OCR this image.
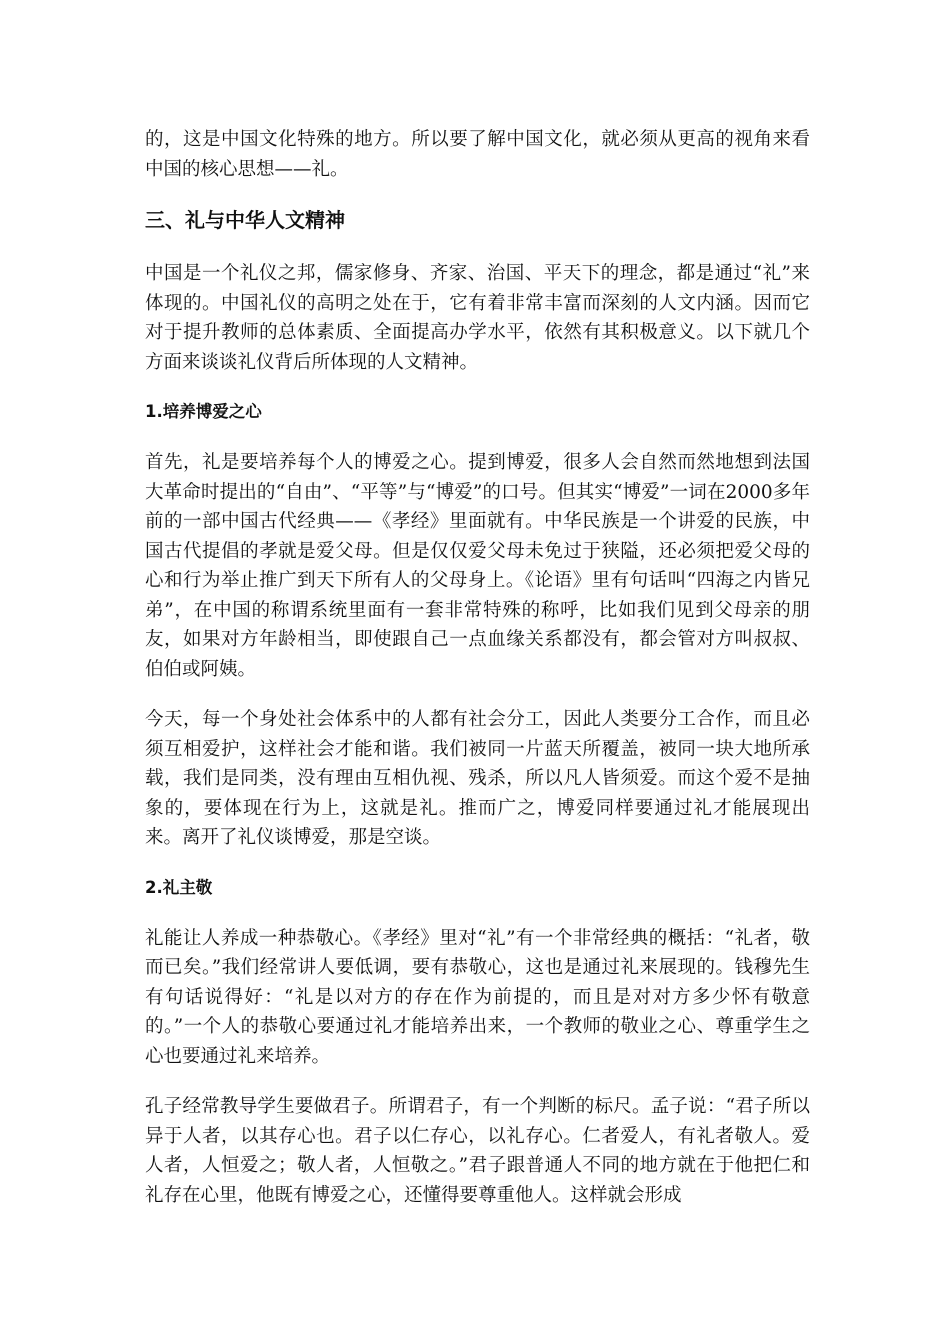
的，这是中国文化特殊的地方。所以要了解中国文化，就必须从更高的视角来看中国的核心思想——礼。

三、礼与中华人文精神

中国是一个礼仪之邦，儒家修身、齐家、治国、平天下的理念，都是通过“礼”来体现的。中国礼仪的高明之处在于，它有着非常丰富而深刻的人文内涵。因而它对于提升教师的总体素质、全面提高办学水平，依然有其积极意义。以下就几个方面来谈谈礼仪背后所体现的人文精神。

1.培养博爱之心

首先，礼是要培养每个人的博爱之心。提到博爱，很多人会自然而然地想到法国大革命时提出的“自由”、“平等”与“博爱”的口号。但其实“博爱”一词在2000多年前的一部中国古代经典——《孝经》里面就有。中华民族是一个讲爱的民族，中国古代提倡的孝就是爱父母。但是仅仅爱父母未免过于狭隘，还必须把爱父母的心和行为举止推广到天下所有人的父母身上。《论语》里有句话叫“四海之内皆兄弟”，在中国的称谓系统里面有一套非常特殊的称呼，比如我们见到父母亲的朋友，如果对方年龄相当，即使跟自己一点血缘关系都没有，都会管对方叫叔叔、伯伯或阿姨。

今天，每一个身处社会体系中的人都有社会分工，因此人类要分工合作，而且必须互相爱护，这样社会才能和谐。我们被同一片蓝天所覆盖，被同一块大地所承载，我们是同类，没有理由互相仇视、残杀，所以凡人皆须爱。而这个爱不是抽象的，要体现在行为上，这就是礼。推而广之，博爱同样要通过礼才能展现出来。离开了礼仪谈博爱，那是空谈。

2.礼主敬

礼能让人养成一种恭敬心。《孝经》里对“礼”有一个非常经典的概括：“礼者，敬而已矣。”我们经常讲人要低调，要有恭敬心，这也是通过礼来展现的。钱穆先生有句话说得好：“礼是以对方的存在作为前提的，而且是对对方多少怀有敬意的。”一个人的恭敬心要通过礼才能培养出来，一个教师的敬业之心、尊重学生之心也要通过礼来培养。

孔子经常教导学生要做君子。所谓君子，有一个判断的标尺。孟子说：“君子所以异于人者，以其存心也。君子以仁存心，以礼存心。仁者爱人，有礼者敬人。爱人者，人恒爱之；敬人者，人恒敬之。”君子跟普通人不同的地方就在于他把仁和礼存在心里，他既有博爱之心，还懂得要尊重他人。这样就会形成
